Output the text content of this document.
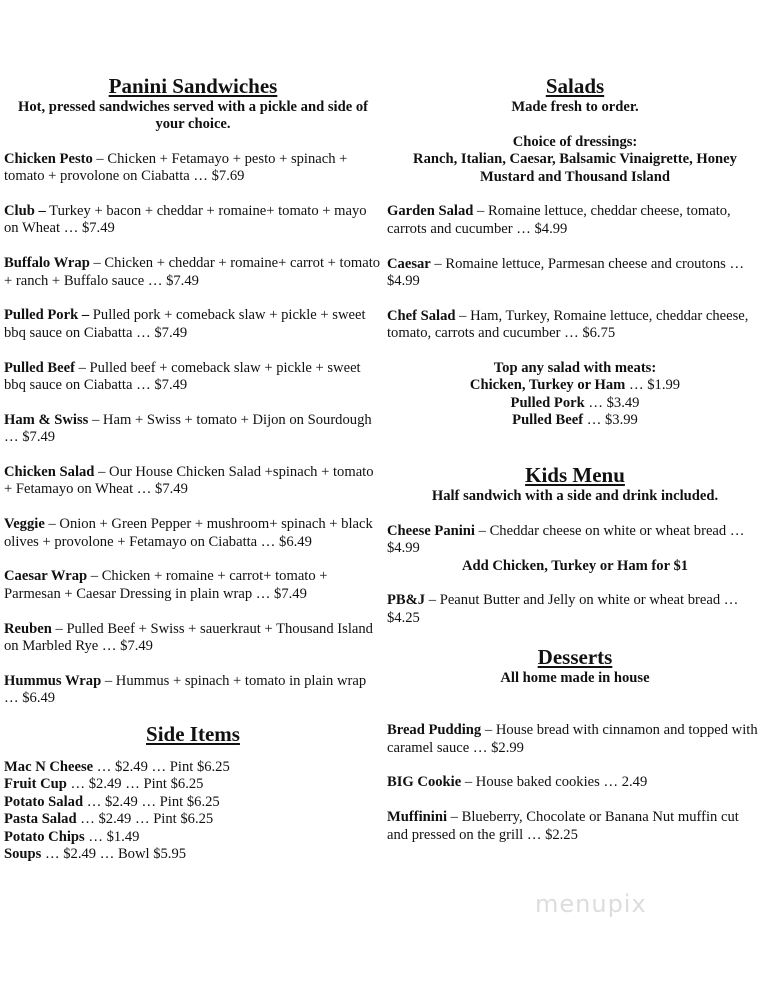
Panini Sandwiches

Hot, pressed sandwiches served with a pickle and side of your choice.

Chicken Pesto – Chicken + Fetamayo + pesto + spinach + tomato + provolone on Ciabatta … $7.69
Club – Turkey + bacon + cheddar + romaine+ tomato + mayo on Wheat … $7.49
Buffalo Wrap – Chicken + cheddar + romaine+ carrot + tomato + ranch + Buffalo sauce … $7.49
Pulled Pork – Pulled pork + comeback slaw + pickle + sweet bbq sauce on Ciabatta … $7.49
Pulled Beef – Pulled beef + comeback slaw + pickle + sweet bbq sauce on Ciabatta … $7.49
Ham & Swiss – Ham + Swiss + tomato + Dijon on Sourdough … $7.49
Chicken Salad – Our House Chicken Salad +spinach + tomato + Fetamayo on Wheat … $7.49
Veggie – Onion + Green Pepper + mushroom+ spinach + black olives + provolone + Fetamayo on Ciabatta … $6.49
Caesar Wrap – Chicken + romaine + carrot+ tomato + Parmesan + Caesar Dressing in plain wrap … $7.49
Reuben – Pulled Beef + Swiss + sauerkraut + Thousand Island on Marbled Rye … $7.49
Hummus Wrap – Hummus + spinach + tomato in plain wrap … $6.49
Side Items
Mac N Cheese … $2.49 … Pint $6.25
Fruit Cup … $2.49 … Pint $6.25
Potato Salad … $2.49 … Pint $6.25
Pasta Salad … $2.49 … Pint $6.25
Potato Chips … $1.49
Soups … $2.49 … Bowl $5.95
Salads

Made fresh to order.

Choice of dressings:

Ranch, Italian, Caesar, Balsamic Vinaigrette, Honey Mustard and Thousand Island

Garden Salad – Romaine lettuce, cheddar cheese, tomato, carrots and cucumber … $4.99
Caesar – Romaine lettuce, Parmesan cheese and croutons … $4.99
Chef Salad – Ham, Turkey, Romaine lettuce, cheddar cheese, tomato, carrots and cucumber … $6.75

Top any salad with meats:

Chicken, Turkey or Ham … $1.99
Pulled Pork … $3.49
Pulled Beef … $3.99
Kids Menu

Half sandwich with a side and drink included.

Cheese Panini – Cheddar cheese on white or wheat bread … $4.99

Add Chicken, Turkey or Ham for $1

PB&J – Peanut Butter and Jelly on white or wheat bread … $4.25
Desserts

All home made in house

Bread Pudding – House bread with cinnamon and topped with caramel sauce … $2.99
BIG Cookie – House baked cookies … 2.49
Muffinini – Blueberry, Chocolate or Banana Nut muffin cut and pressed on the grill … $2.25
menupix
